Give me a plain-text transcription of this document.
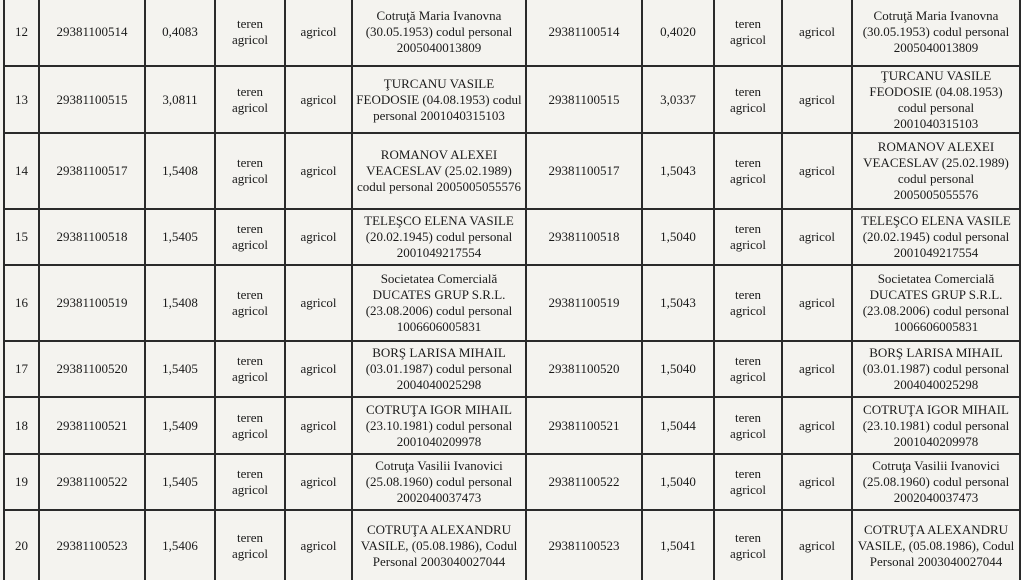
12	29381100514	0,4083	teren agricol	agricol	Cotruţă Maria Ivanovna (30.05.1953) codul personal 2005040013809	29381100514	0,4020	teren agricol	agricol	Cotruţă Maria Ivanovna (30.05.1953) codul personal 2005040013809
13	29381100515	3,0811	teren agricol	agricol	ŢURCANU VASILE FEODOSIE (04.08.1953) codul personal 2001040315103	29381100515	3,0337	teren agricol	agricol	ŢURCANU VASILE FEODOSIE (04.08.1953) codul personal 2001040315103
14	29381100517	1,5408	teren agricol	agricol	ROMANOV ALEXEI VEACESLAV (25.02.1989) codul personal 2005005055576	29381100517	1,5043	teren agricol	agricol	ROMANOV ALEXEI VEACESLAV (25.02.1989) codul personal 2005005055576
15	29381100518	1,5405	teren agricol	agricol	TELEŞCO ELENA VASILE (20.02.1945) codul personal 2001049217554	29381100518	1,5040	teren agricol	agricol	TELEŞCO ELENA VASILE (20.02.1945) codul personal 2001049217554
16	29381100519	1,5408	teren agricol	agricol	Societatea Comercială DUCATES GRUP S.R.L. (23.08.2006) codul personal 1006606005831	29381100519	1,5043	teren agricol	agricol	Societatea Comercială DUCATES GRUP S.R.L. (23.08.2006) codul personal 1006606005831
17	29381100520	1,5405	teren agricol	agricol	BORŞ LARISA MIHAIL (03.01.1987) codul personal 2004040025298	29381100520	1,5040	teren agricol	agricol	BORŞ LARISA MIHAIL (03.01.1987) codul personal 2004040025298
18	29381100521	1,5409	teren agricol	agricol	COTRUŢA IGOR MIHAIL (23.10.1981) codul personal 2001040209978	29381100521	1,5044	teren agricol	agricol	COTRUŢA IGOR MIHAIL (23.10.1981) codul personal 2001040209978
19	29381100522	1,5405	teren agricol	agricol	Cotruţa Vasilii Ivanovici (25.08.1960) codul personal 2002040037473	29381100522	1,5040	teren agricol	agricol	Cotruţa Vasilii Ivanovici (25.08.1960) codul personal 2002040037473
20	29381100523	1,5406	teren agricol	agricol	COTRUŢA ALEXANDRU VASILE, (05.08.1986), Codul Personal 2003040027044	29381100523	1,5041	teren agricol	agricol	COTRUŢA ALEXANDRU VASILE, (05.08.1986), Codul Personal 2003040027044
